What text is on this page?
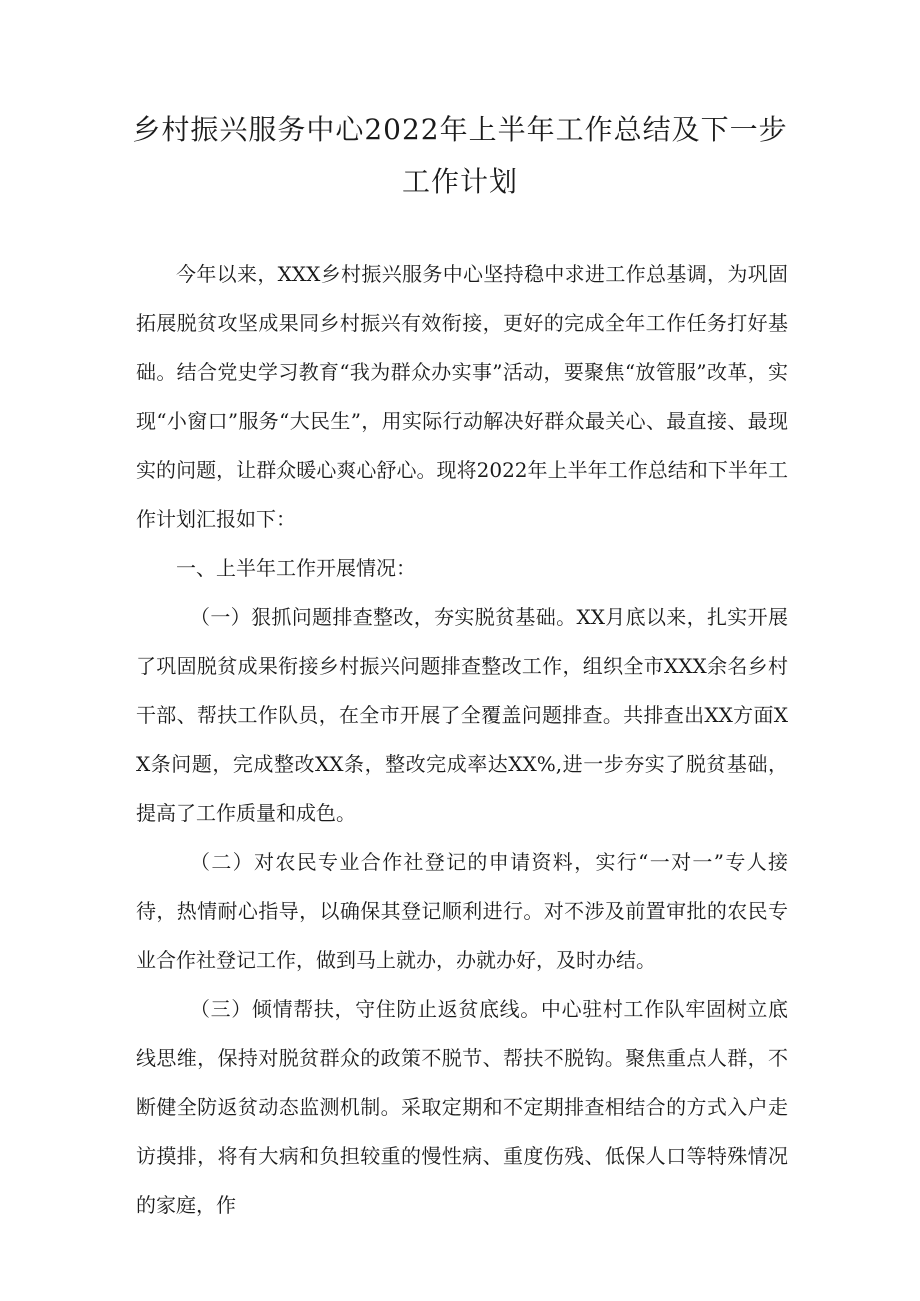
乡村振兴服务中心2022年上半年工作总结及下一步
工作计划

今年以来，XXX乡村振兴服务中心坚持稳中求进工作总基调，为巩固拓展脱贫攻坚成果同乡村振兴有效衔接，更好的完成全年工作任务打好基础。结合党史学习教育“我为群众办实事”活动，要聚焦“放管服”改革，实现“小窗口”服务“大民生”，用实际行动解决好群众最关心、最直接、最现实的问题，让群众暖心爽心舒心。现将2022年上半年工作总结和下半年工作计划汇报如下：

一、上半年工作开展情况：

（一）狠抓问题排查整改，夯实脱贫基础。XX月底以来，扎实开展了巩固脱贫成果衔接乡村振兴问题排查整改工作，组织全市XXX余名乡村干部、帮扶工作队员，在全市开展了全覆盖问题排查。共排查出XX方面XX条问题，完成整改XX条，整改完成率达XX%,进一步夯实了脱贫基础，提高了工作质量和成色。

（二）对农民专业合作社登记的申请资料，实行“一对一”专人接待，热情耐心指导，以确保其登记顺利进行。对不涉及前置审批的农民专业合作社登记工作，做到马上就办，办就办好，及时办结。

（三）倾情帮扶，守住防止返贫底线。中心驻村工作队牢固树立底线思维，保持对脱贫群众的政策不脱节、帮扶不脱钩。聚焦重点人群，不断健全防返贫动态监测机制。采取定期和不定期排查相结合的方式入户走访摸排，将有大病和负担较重的慢性病、重度伤残、低保人口等特殊情况的家庭，作
